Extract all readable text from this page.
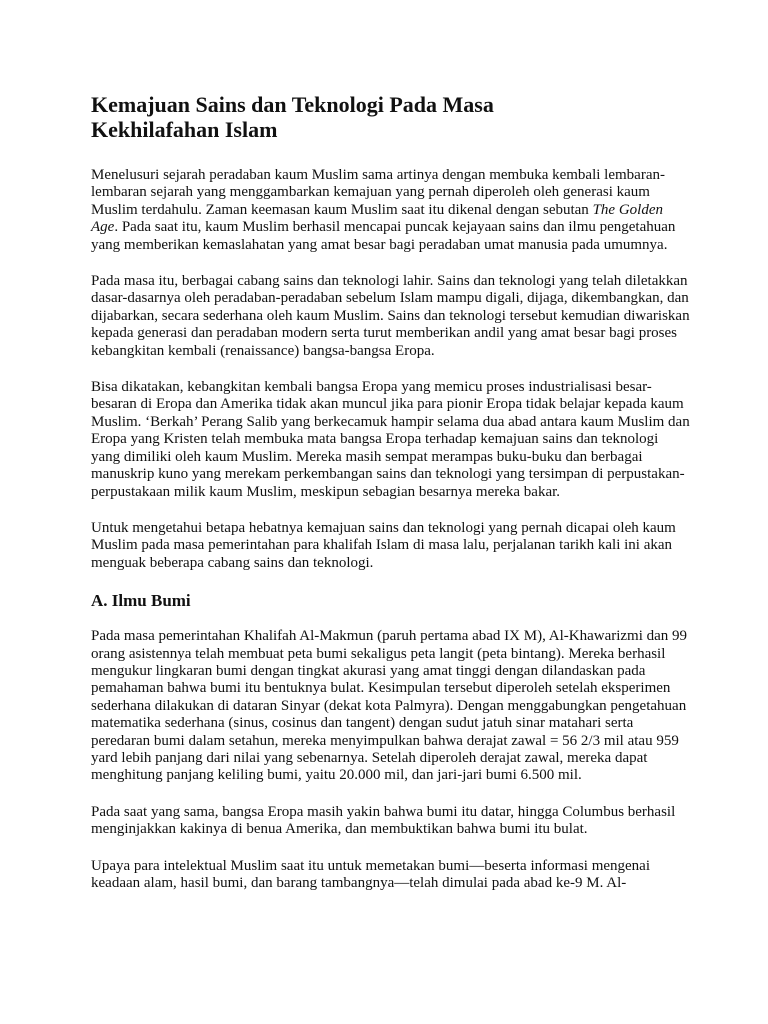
Kemajuan Sains dan Teknologi Pada Masa Kekhilafahan Islam

Menelusuri sejarah peradaban kaum Muslim sama artinya dengan membuka kembali lembaran-lembaran sejarah yang menggambarkan kemajuan yang pernah diperoleh oleh generasi kaum Muslim terdahulu. Zaman keemasan kaum Muslim saat itu dikenal dengan sebutan The Golden Age. Pada saat itu, kaum Muslim berhasil mencapai puncak kejayaan sains dan ilmu pengetahuan yang memberikan kemaslahatan yang amat besar bagi peradaban umat manusia pada umumnya.

Pada masa itu, berbagai cabang sains dan teknologi lahir. Sains dan teknologi yang telah diletakkan dasar-dasarnya oleh peradaban-peradaban sebelum Islam mampu digali, dijaga, dikembangkan, dan dijabarkan, secara sederhana oleh kaum Muslim. Sains dan teknologi tersebut kemudian diwariskan kepada generasi dan peradaban modern serta turut memberikan andil yang amat besar bagi proses kebangkitan kembali (renaissance) bangsa-bangsa Eropa.

Bisa dikatakan, kebangkitan kembali bangsa Eropa yang memicu proses industrialisasi besar-besaran di Eropa dan Amerika tidak akan muncul jika para pionir Eropa tidak belajar kepada kaum Muslim. ‘Berkah’ Perang Salib yang berkecamuk hampir selama dua abad antara kaum Muslim dan Eropa yang Kristen telah membuka mata bangsa Eropa terhadap kemajuan sains dan teknologi yang dimiliki oleh kaum Muslim. Mereka masih sempat merampas buku-buku dan berbagai manuskrip kuno yang merekam perkembangan sains dan teknologi yang tersimpan di perpustakan-perpustakaan milik kaum Muslim, meskipun sebagian besarnya mereka bakar.

Untuk mengetahui betapa hebatnya kemajuan sains dan teknologi yang pernah dicapai oleh kaum Muslim pada masa pemerintahan para khalifah Islam di masa lalu, perjalanan tarikh kali ini akan menguak beberapa cabang sains dan teknologi.

A. Ilmu Bumi

Pada masa pemerintahan Khalifah Al-Makmun (paruh pertama abad IX M), Al-Khawarizmi dan 99 orang asistennya telah membuat peta bumi sekaligus peta langit (peta bintang). Mereka berhasil mengukur lingkaran bumi dengan tingkat akurasi yang amat tinggi dengan dilandaskan pada pemahaman bahwa bumi itu bentuknya bulat. Kesimpulan tersebut diperoleh setelah eksperimen sederhana dilakukan di dataran Sinyar (dekat kota Palmyra). Dengan menggabungkan pengetahuan matematika sederhana (sinus, cosinus dan tangent) dengan sudut jatuh sinar matahari serta peredaran bumi dalam setahun, mereka menyimpulkan bahwa derajat zawal = 56 2/3 mil atau 959 yard lebih panjang dari nilai yang sebenarnya. Setelah diperoleh derajat zawal, mereka dapat menghitung panjang keliling bumi, yaitu 20.000 mil, dan jari-jari bumi 6.500 mil.

Pada saat yang sama, bangsa Eropa masih yakin bahwa bumi itu datar, hingga Columbus berhasil menginjakkan kakinya di benua Amerika, dan membuktikan bahwa bumi itu bulat.

Upaya para intelektual Muslim saat itu untuk memetakan bumi—beserta informasi mengenai keadaan alam, hasil bumi, dan barang tambangnya—telah dimulai pada abad ke-9 M. Al-
